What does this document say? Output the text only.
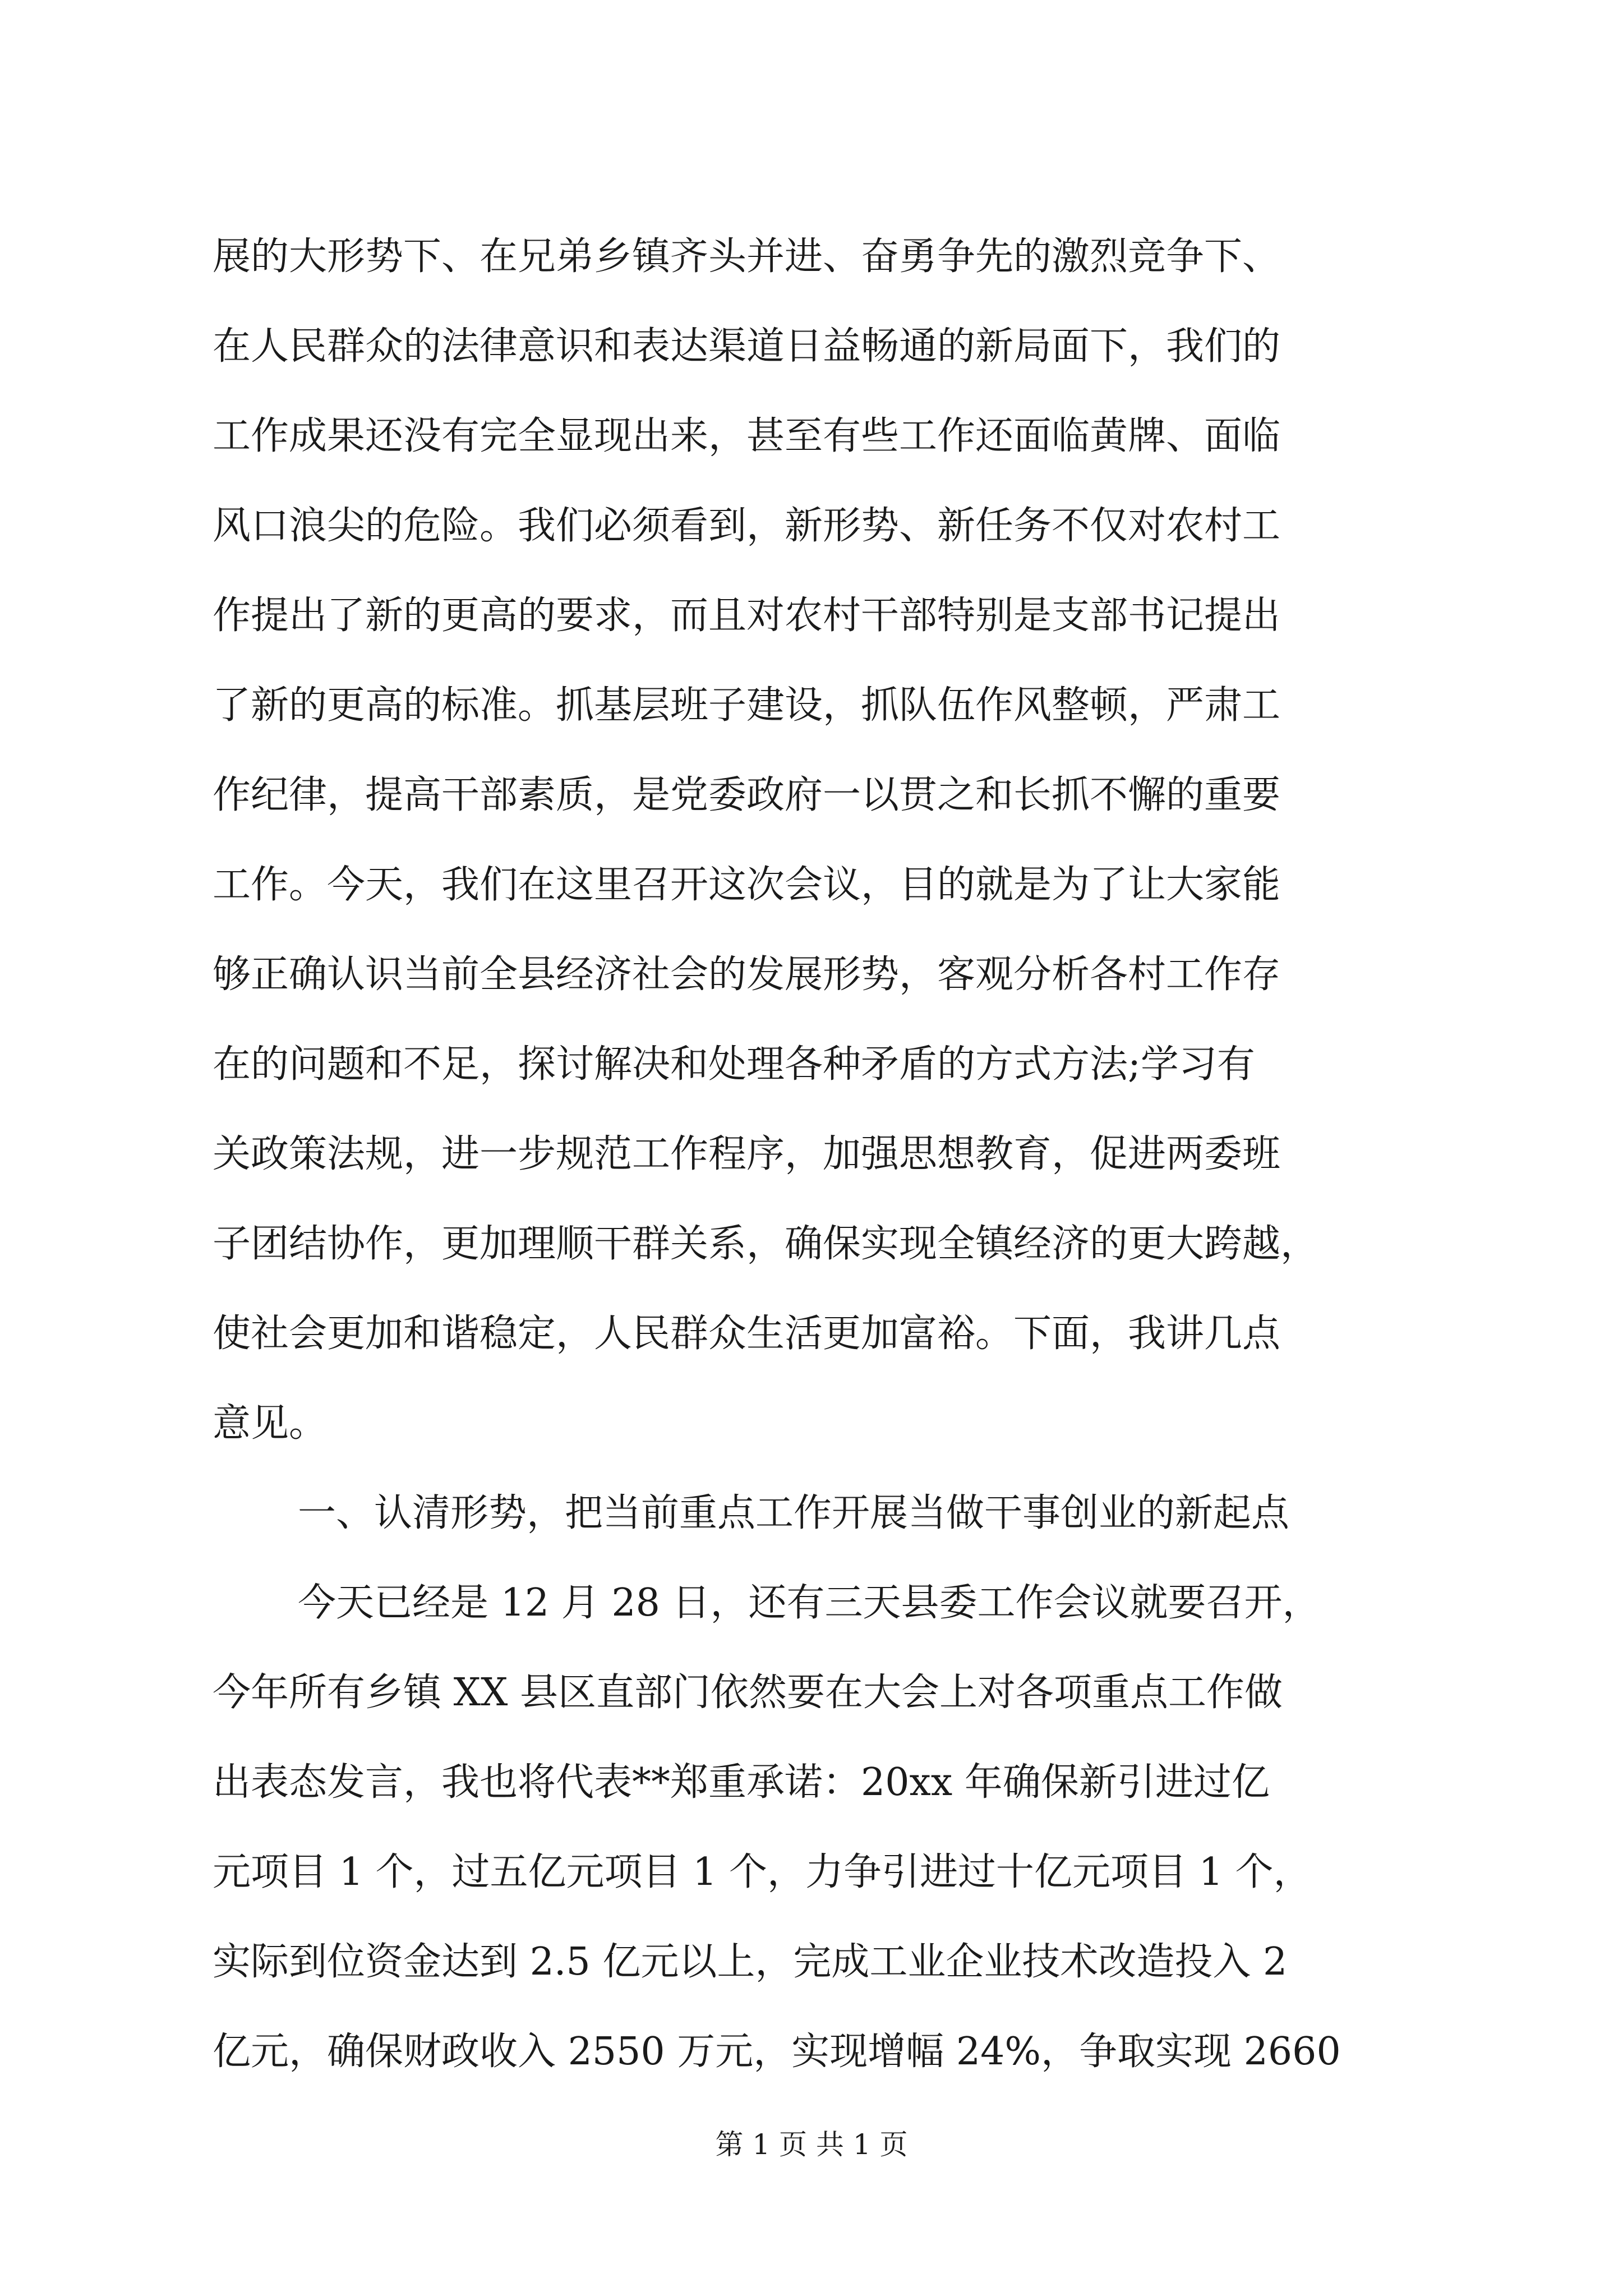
展的大形势下、在兄弟乡镇齐头并进、奋勇争先的激烈竞争下、
在人民群众的法律意识和表达渠道日益畅通的新局面下，我们的
工作成果还没有完全显现出来，甚至有些工作还面临黄牌、面临
风口浪尖的危险。我们必须看到，新形势、新任务不仅对农村工
作提出了新的更高的要求，而且对农村干部特别是支部书记提出
了新的更高的标准。抓基层班子建设，抓队伍作风整顿，严肃工
作纪律，提高干部素质，是党委政府一以贯之和长抓不懈的重要
工作。今天，我们在这里召开这次会议，目的就是为了让大家能
够正确认识当前全县经济社会的发展形势，客观分析各村工作存
在的问题和不足，探讨解决和处理各种矛盾的方式方法;学习有
关政策法规，进一步规范工作程序，加强思想教育，促进两委班
子团结协作，更加理顺干群关系，确保实现全镇经济的更大跨越，
使社会更加和谐稳定，人民群众生活更加富裕。下面，我讲几点
意见。
一、认清形势，把当前重点工作开展当做干事创业的新起点
今天已经是 12 月 28 日，还有三天县委工作会议就要召开，
今年所有乡镇 XX 县区直部门依然要在大会上对各项重点工作做
出表态发言，我也将代表**郑重承诺：20xx 年确保新引进过亿
元项目 1 个，过五亿元项目 1 个，力争引进过十亿元项目 1 个，
实际到位资金达到 2.5 亿元以上，完成工业企业技术改造投入 2
亿元，确保财政收入 2550 万元，实现增幅 24%，争取实现 2660
第 1 页 共 1 页
